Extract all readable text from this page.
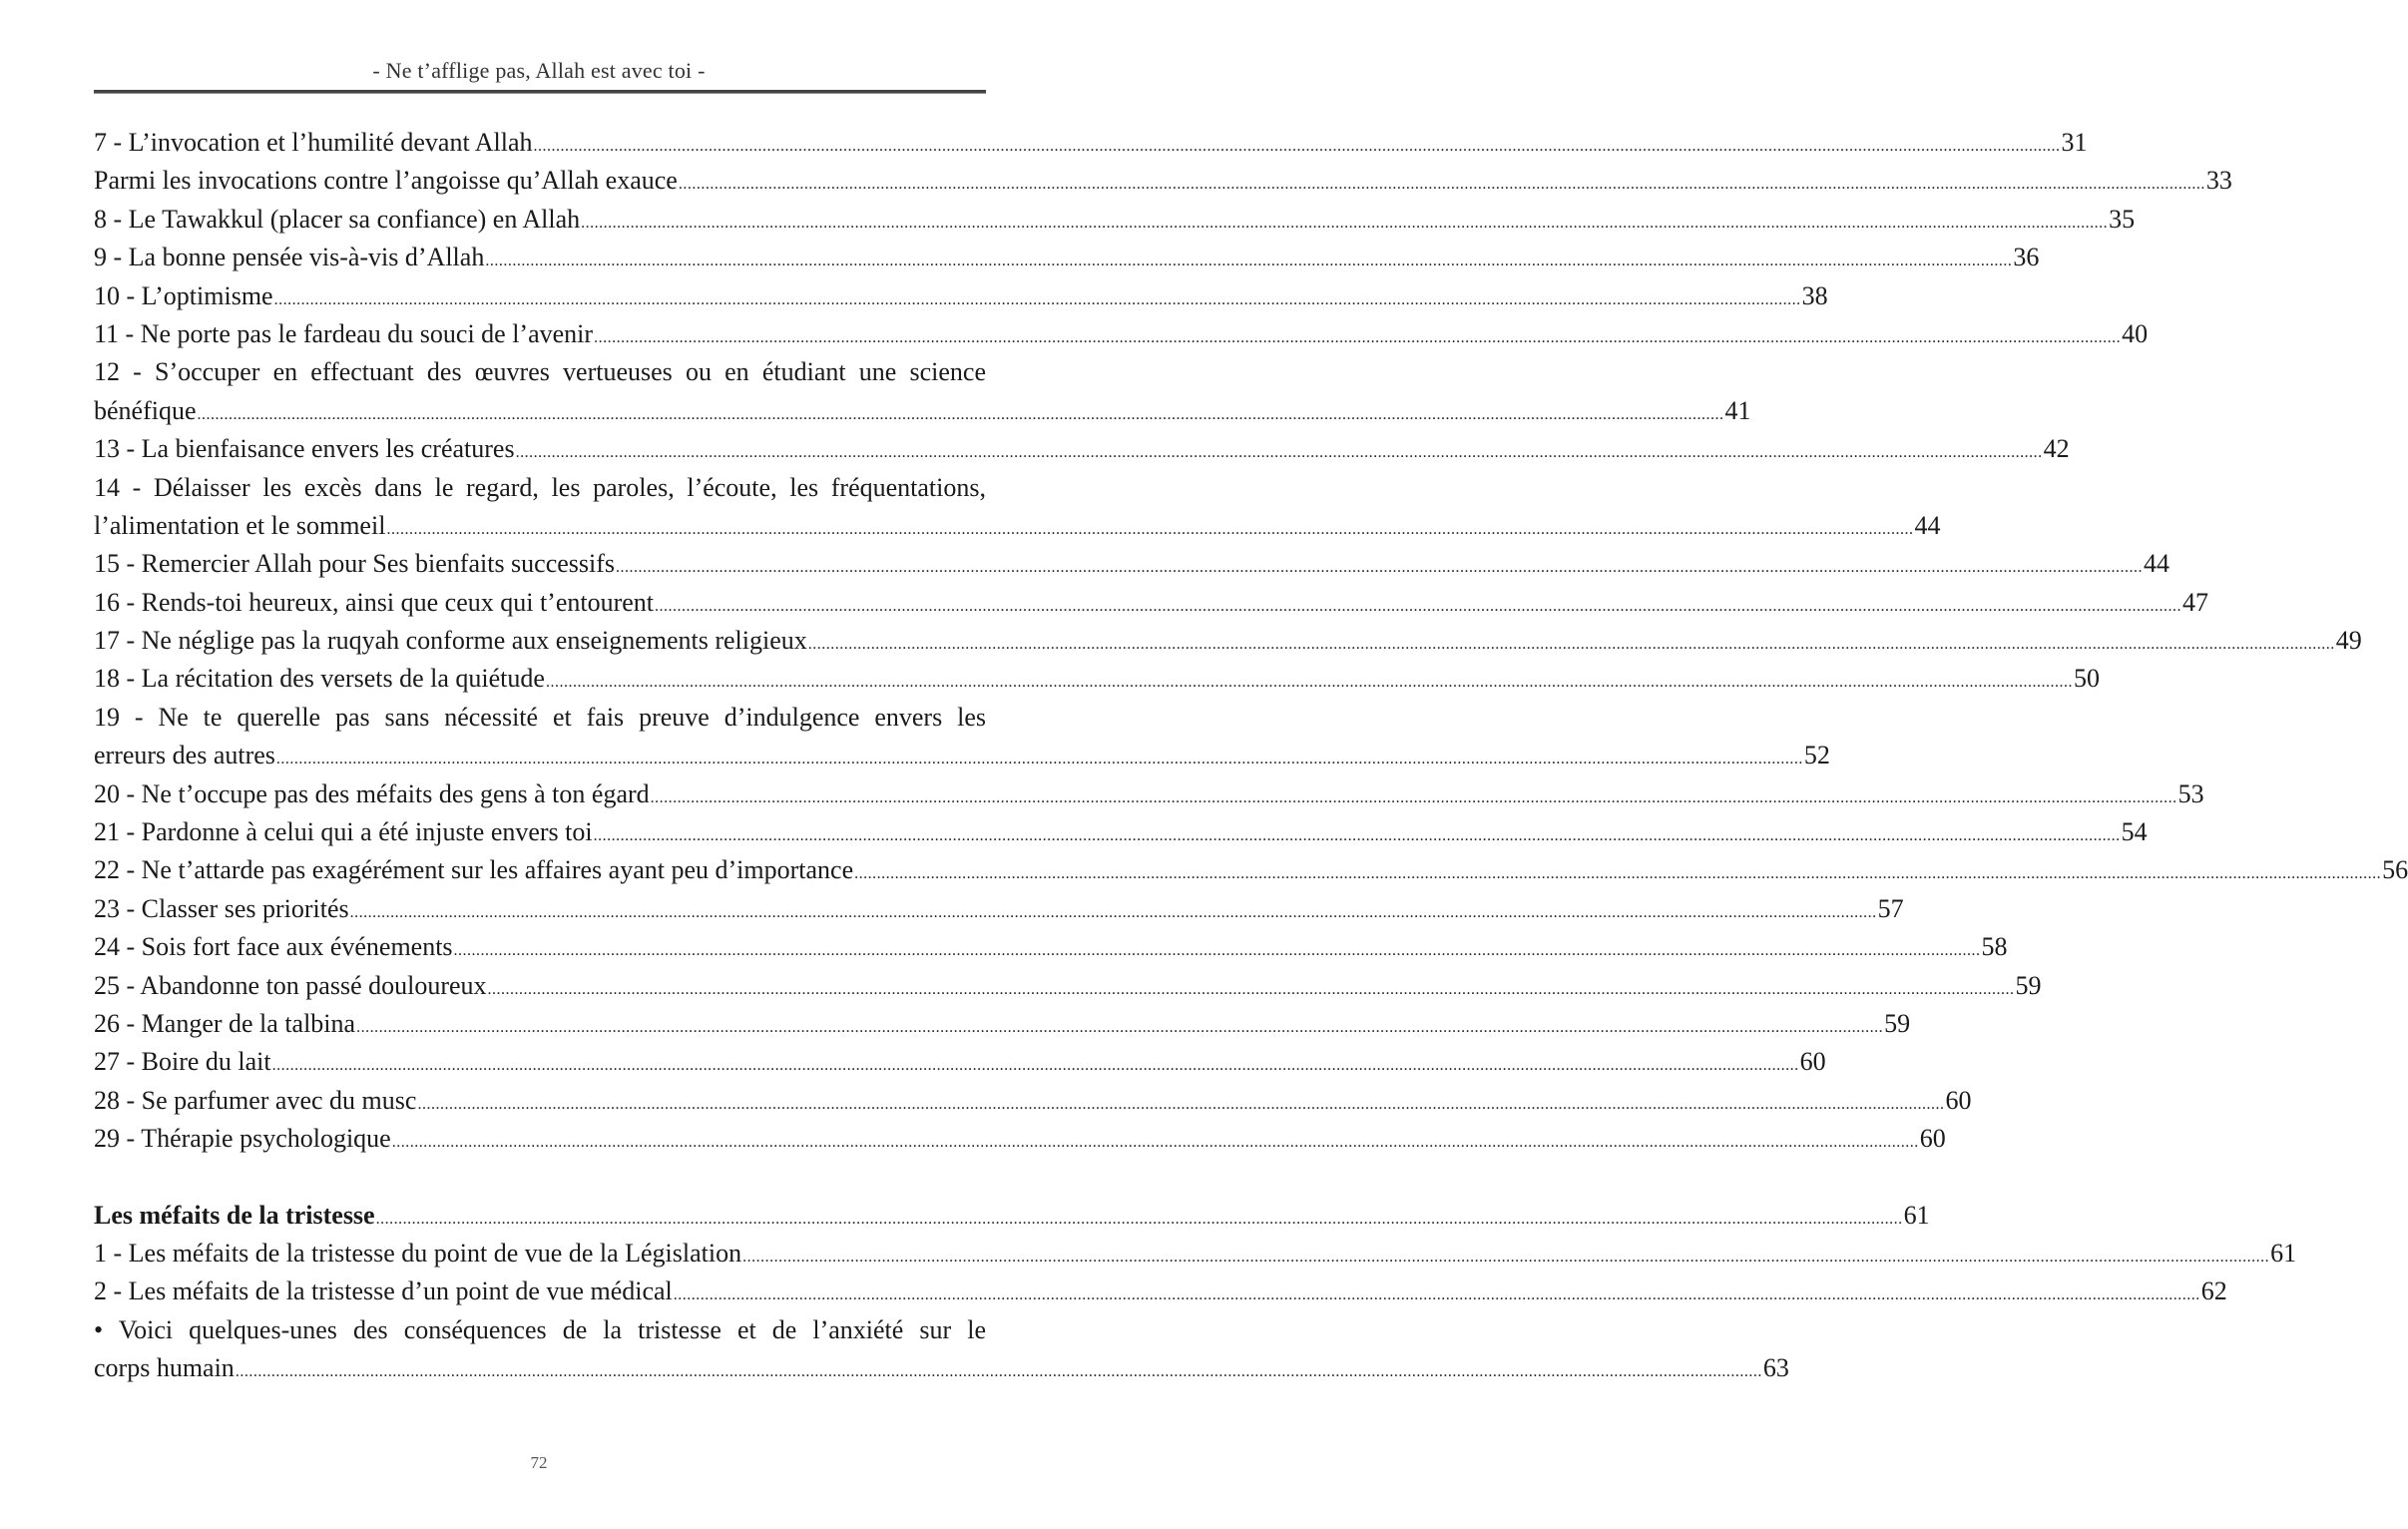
- Ne t’afflige pas, Allah est avec toi -
7 - L’invocation et l’humilité devant Allah .....	31
Parmi les invocations contre l’angoisse qu’Allah exauce .....	33
8 - Le Tawakkul (placer sa confiance) en Allah .....	35
9 - La bonne pensée vis-à-vis d’Allah .....	36
10 - L’optimisme .....	38
11 - Ne porte pas le fardeau du souci de l’avenir .....	40
12 - S’occuper en effectuant des œuvres vertueuses ou en étudiant une science
bénéfique .....	41
13 - La bienfaisance envers les créatures .....	42
14 - Délaisser les excès dans le regard, les paroles, l’écoute, les fréquentations,
l’alimentation et le sommeil .....	44
15 - Remercier Allah pour Ses bienfaits successifs .....	44
16 - Rends-toi heureux, ainsi que ceux qui t’entourent .....	47
17 - Ne néglige pas la ruqyah conforme aux enseignements religieux .....	49
18 - La récitation des versets de la quiétude .....	50
19 - Ne te querelle pas sans nécessité et fais preuve d’indulgence envers les
erreurs des autres .....	52
20 - Ne t’occupe pas des méfaits des gens à ton égard .....	53
21 - Pardonne à celui qui a été injuste envers toi .....	54
22 - Ne t’attarde pas exagérément sur les affaires ayant peu d’importance .....	56
23 - Classer ses priorités .....	57
24 - Sois fort face aux événements .....	58
25 - Abandonne ton passé douloureux .....	59
26 - Manger de la talbina .....	59
27 - Boire du lait .....	60
28 - Se parfumer avec du musc .....	60
29 - Thérapie psychologique .....	60
Les méfaits de la tristesse .....	61
1 - Les méfaits de la tristesse du point de vue de la Législation .....	61
2 - Les méfaits de la tristesse d’un point de vue médical .....	62
• Voici quelques-unes des conséquences de la tristesse et de l’anxiété sur le
corps humain .....	63
72
